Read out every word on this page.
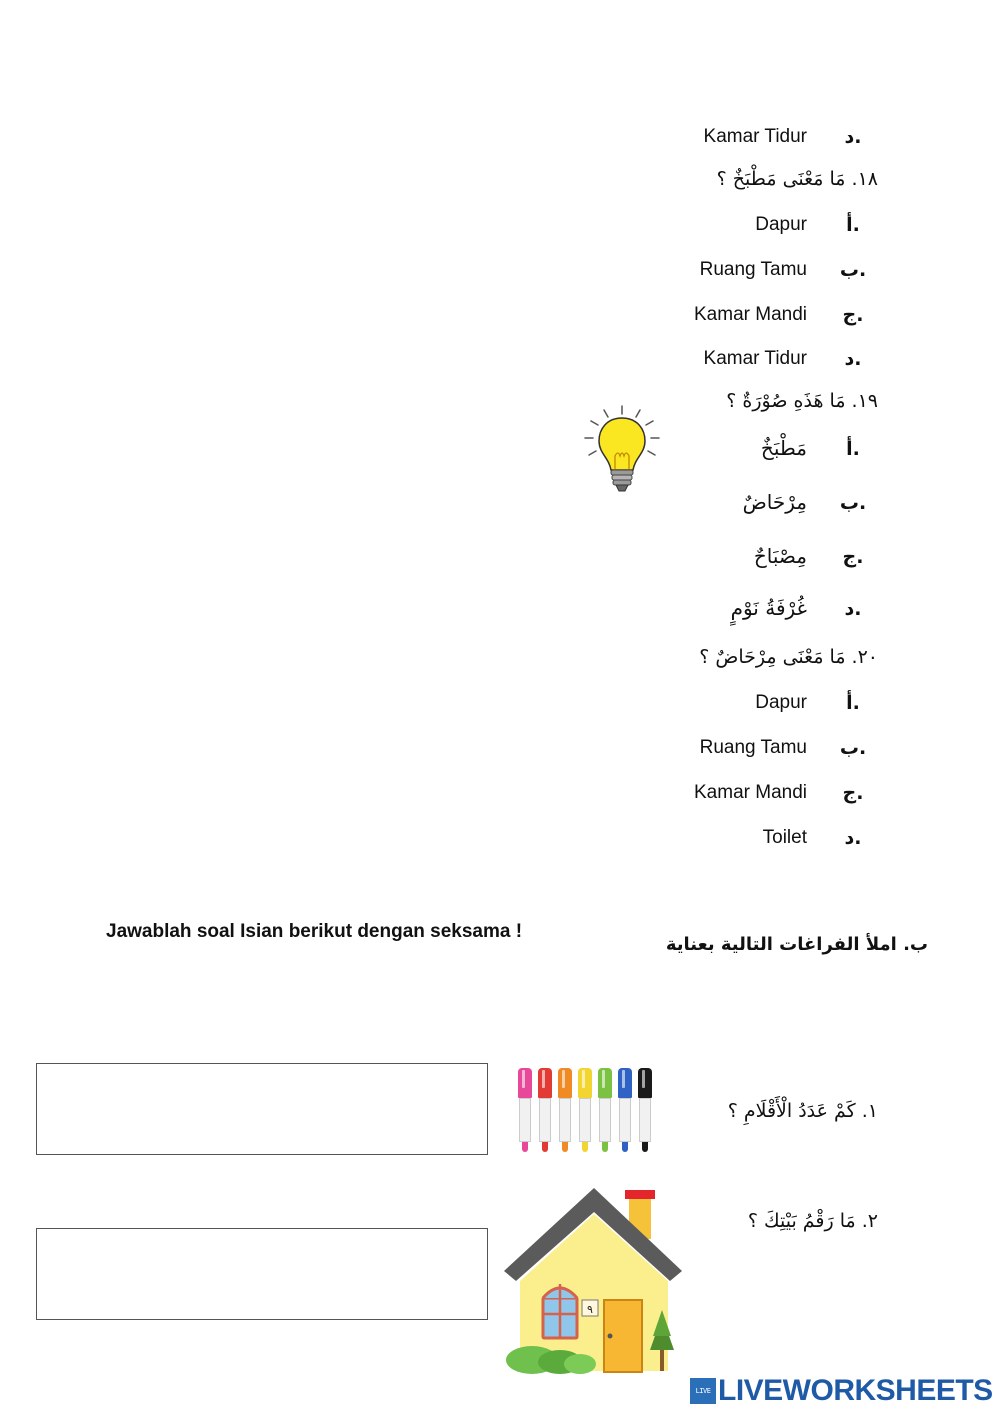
د.
Kamar Tidur
١٨. مَا مَعْنَى مَطْبَخٌ ؟
أ.
Dapur
ب.
Ruang Tamu
ج.
Kamar Mandi
د.
Kamar Tidur
١٩. مَا هَذَهِ صُوْرَةٌ ؟
أ.
مَطْبَخٌ
ب.
مِرْحَاضٌ
ج.
مِصْبَاحٌ
د.
غُرْفَةُ نَوْمٍ
٢٠. مَا مَعْنَى مِرْحَاضٌ ؟
أ.
Dapur
ب.
Ruang Tamu
ج.
Kamar Mandi
د.
Toilet
Jawablah soal Isian berikut dengan seksama !
ب. املأ الفراغات التالية بعناية
١. كَمْ عَدَدُ الْأَقْلَامِ ؟
٩
٢. مَا رَقْمُ بَيْتِكَ ؟
LIVE LIVEWORKSHEETS
